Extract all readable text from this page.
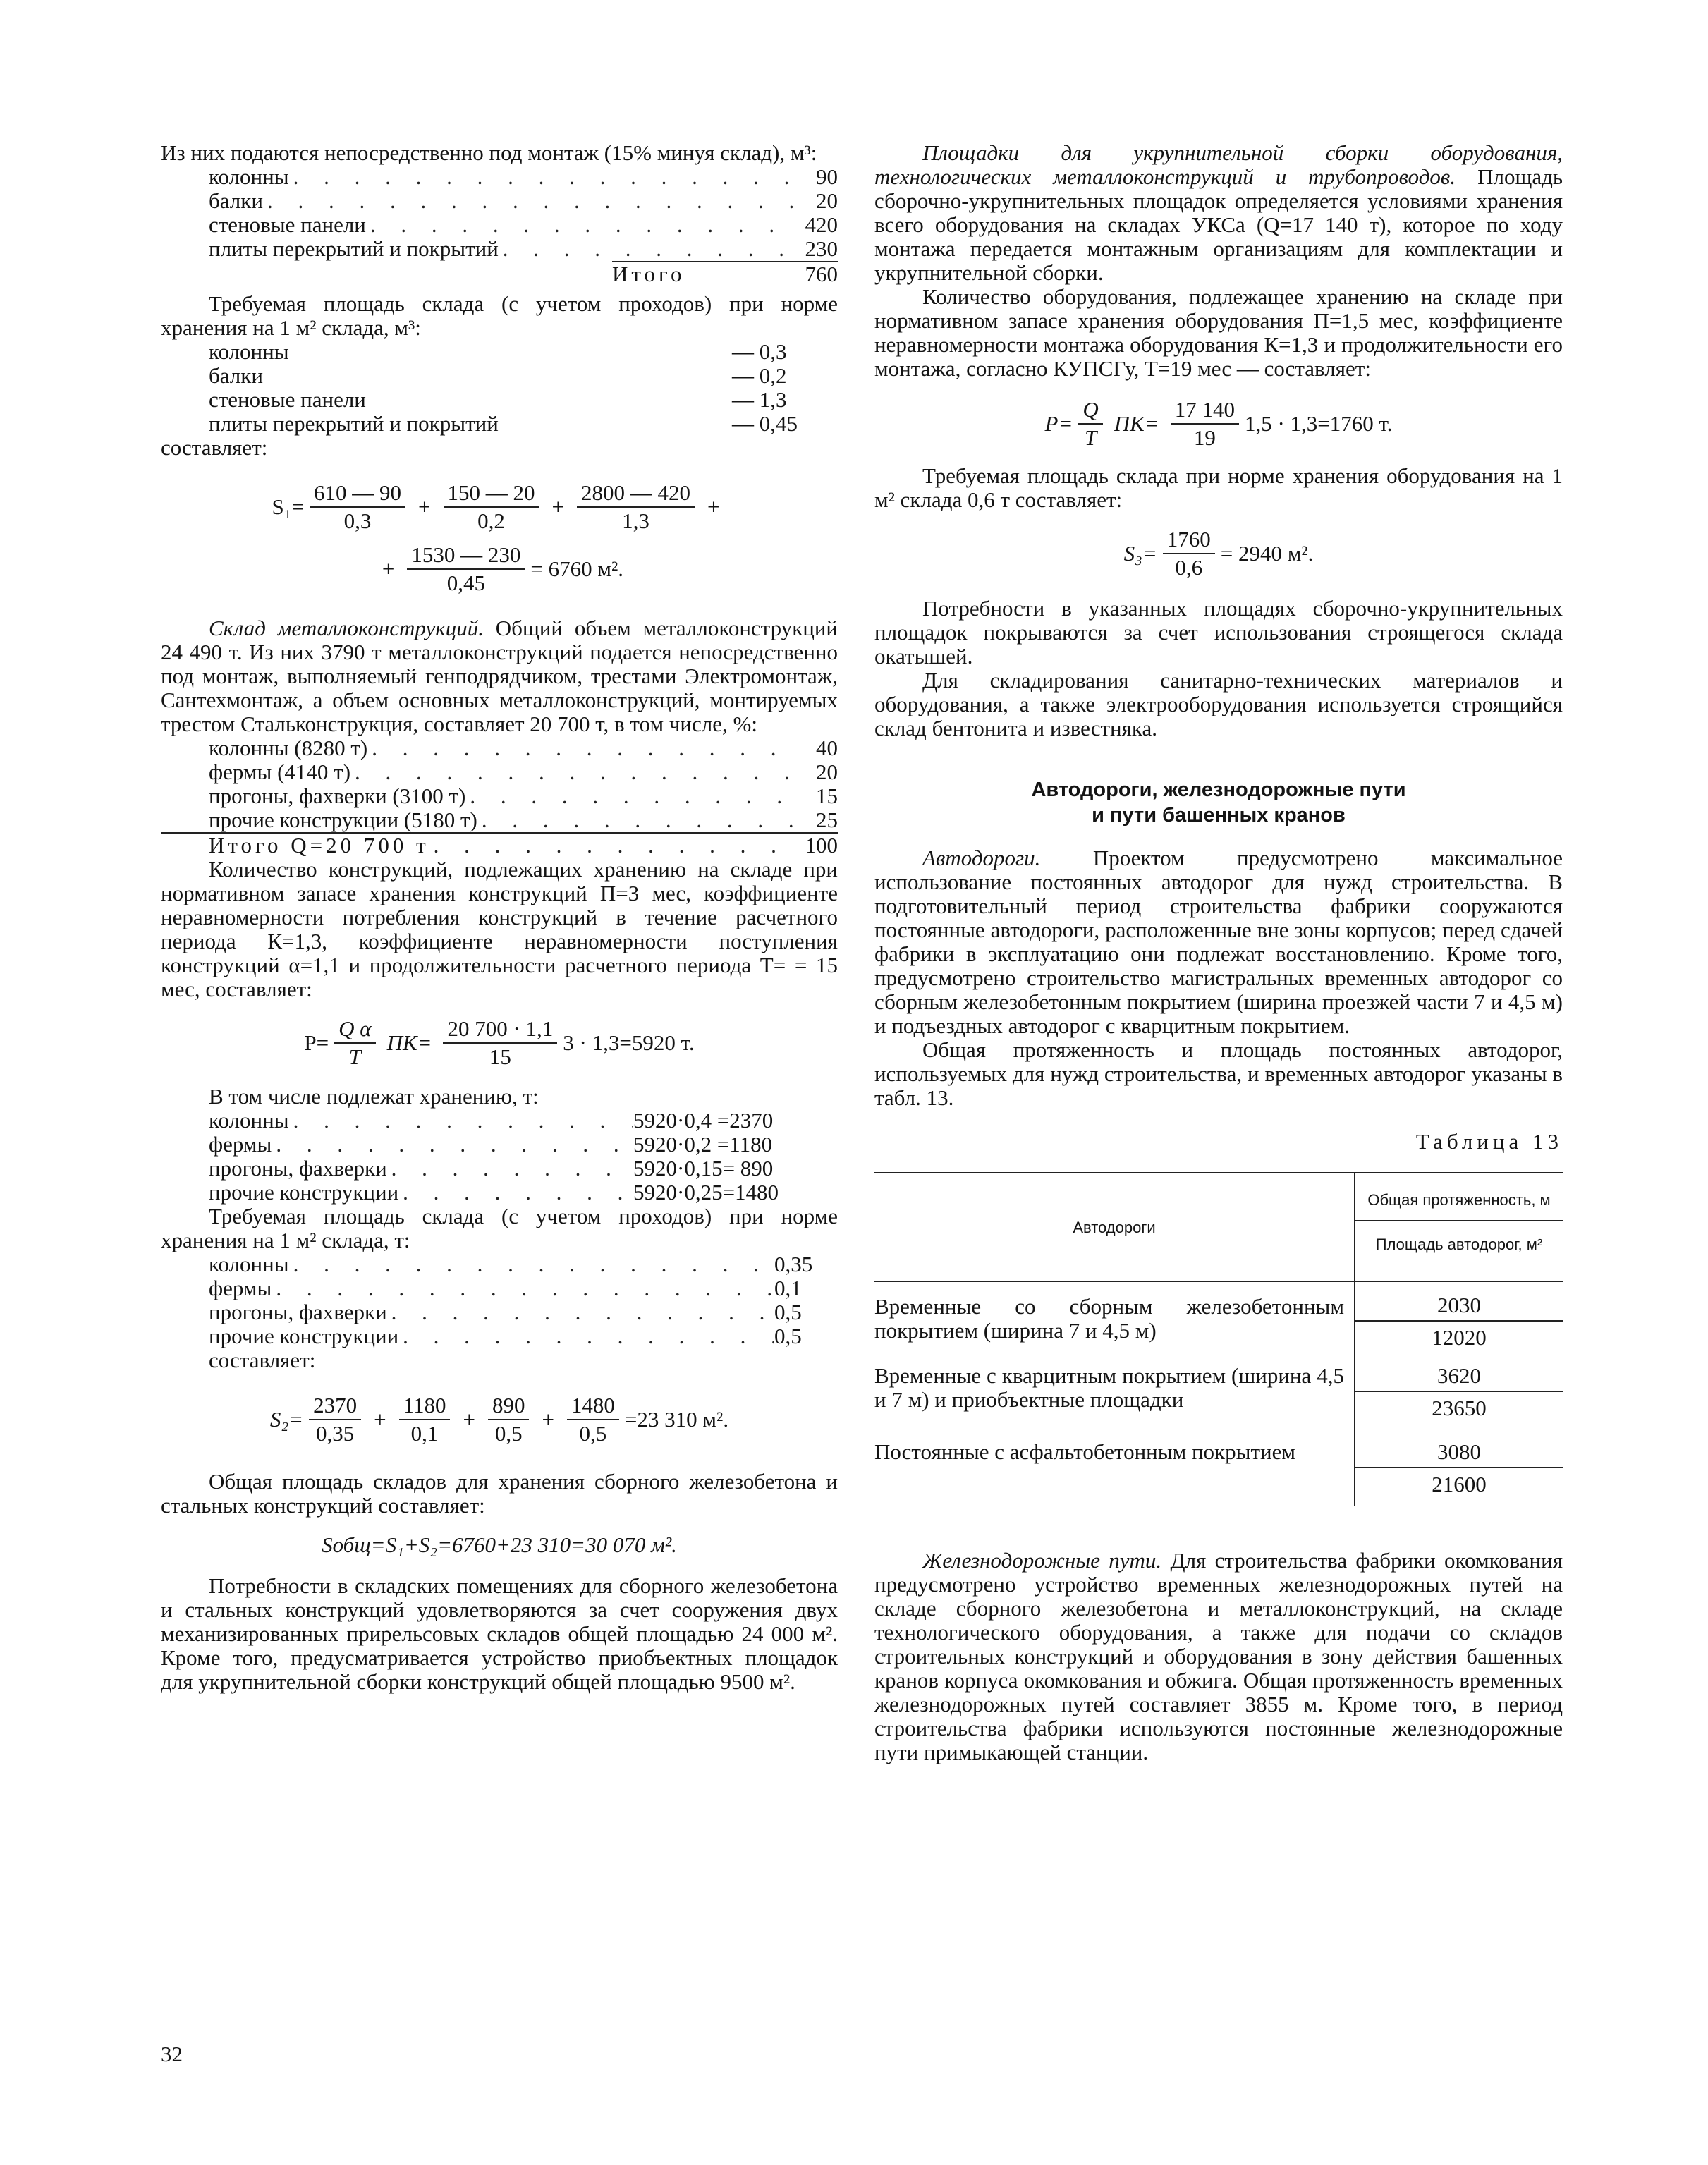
Из них подаются непосредственно под монтаж (15% минуя склад), м³:

колонны . . .	90
балки . . .	20
стеновые панели . . .	420
плиты перекрытий и покрытий . . .	230
Итого	760

Требуемая площадь склада (с учетом проходов) при норме хранения на 1 м² склада, м³:

колонны	— 0,3
балки	— 0,2
стеновые панели	— 1,3
плиты перекрытий и покрытий	— 0,45

составляет:

$S_1= \frac{610 — 90}{0,3} + \frac{150 — 20}{0,2} + \frac{2800 — 420}{1,3}$ +
+ $\frac{1530 — 230}{0,45} = 6760$ м².

Склад металлоконструкций. Общий объем металлоконструкций 24 490 т. Из них 3790 т металлоконструкций подается непосредственно под монтаж, выполняемый генподрядчиком, трестами Электромонтаж, Сантехмонтаж, а объем основных металлоконструкций, монтируемых трестом Стальконструкция, составляет 20 700 т, в том числе, %:

колонны (8280 т) . . .	40
фермы (4140 т) . . .	20
прогоны, фахверки (3100 т) . . .	15
прочие конструкции (5180 т) . . .	25
Итого Q=20 700 т . . .	100

Количество конструкций, подлежащих хранению на складе при нормативном запасе хранения конструкций П=3 мес, коэффициенте неравномерности потребления конструкций в течение расчетного периода К=1,3, коэффициенте неравномерности поступления конструкций α=1,1 и продолжительности расчетного периода Т= = 15 мес, составляет:

$P= \frac{\text{Q α}}{T} ПК= \frac{20 700 \cdot 1,1}{15} 3 \cdot 1,3=5920$ т.

В том числе подлежат хранению, т:

колонны . . .	5920·0,4 =2370
фермы . . .	5920·0,2 =1180
прогоны, фахверки . . .	5920·0,15= 890
прочие конструкции . . .	5920·0,25=1480

Требуемая площадь склада (с учетом проходов) при норме хранения на 1 м² склада, т:

колонны . . .	0,35
фермы . . .	0,1
прогоны, фахверки . . .	0,5
прочие конструкции . . .	0,5

составляет:

$S_2= \frac{2370}{0,35} + \frac{1180}{0,1} + \frac{890}{0,5} + \frac{1480}{0,5} =23$ 310 м².

Общая площадь складов для хранения сборного железобетона и стальных конструкций составляет:

Sобщ=S₁+S₂=6760+23 310=30 070 м².

Потребности в складских помещениях для сборного железобетона и стальных конструкций удовлетворяются за счет сооружения двух механизированных прирельсовых складов общей площадью 24 000 м². Кроме того, предусматривается устройство приобъектных площадок для укрупнительной сборки конструкций общей площадью 9500 м².

Площадки для укрупнительной сборки оборудования, технологических металлоконструкций и трубопроводов. Площадь сборочно-укрупнительных площадок определяется условиями хранения всего оборудования на складах УКСа (Q=17 140 т), которое по ходу монтажа передается монтажным организациям для комплектации и укрупнительной сборки.

Количество оборудования, подлежащее хранению на складе при нормативном запасе хранения оборудования П=1,5 мес, коэффициенте неравномерности монтажа оборудования К=1,3 и продолжительности его монтажа, согласно КУПСГу, Т=19 мес — составляет:

$P= \frac{Q}{T} ПК= \frac{17 140}{19} 1,5 \cdot 1,3=1760$ т.

Требуемая площадь склада при норме хранения оборудования на 1 м² склада 0,6 т составляет:

$S_3= \frac{1760}{0,6} = 2940$ м².

Потребности в указанных площадях сборочно-укрупнительных площадок покрываются за счет использования строящегося склада окатышей.

Для складирования санитарно-технических материалов и оборудования, а также электрооборудования используется строящийся склад бентонита и известняка.

Автодороги, железнодорожные пути
и пути башенных кранов

Автодороги. Проектом предусмотрено максимальное использование постоянных автодорог для нужд строительства. В подготовительный период строительства фабрики сооружаются постоянные автодороги, расположенные вне зоны корпусов; перед сдачей фабрики в эксплуатацию они подлежат восстановлению. Кроме того, предусмотрено строительство магистральных временных автодорог со сборным железобетонным покрытием (ширина проезжей части 7 и 4,5 м) и подъездных автодорог с кварцитным покрытием.

Общая протяженность и площадь постоянных автодорог, используемых для нужд строительства, и временных автодорог указаны в табл. 13.

Таблица 13
Автодороги	Общая протяженность, м
	Площадь автодорог, м²
Временные со сборным железобетонным покрытием (ширина 7 и 4,5 м)	2030
	12020
Временные с кварцитным покрытием (ширина 4,5 и 7 м) и приобъектные площадки	3620
	23650
Постоянные с асфальтобетонным покрытием	3080
	21600

Железнодорожные пути. Для строительства фабрики окомкования предусмотрено устройство временных железнодорожных путей на складе сборного железобетона и металлоконструкций, на складе технологического оборудования, а также для подачи со складов строительных конструкций и оборудования в зону действия башенных кранов корпуса окомкования и обжига. Общая протяженность временных железнодорожных путей составляет 3855 м. Кроме того, в период строительства фабрики используются постоянные железнодорожные пути примыкающей станции.

32
